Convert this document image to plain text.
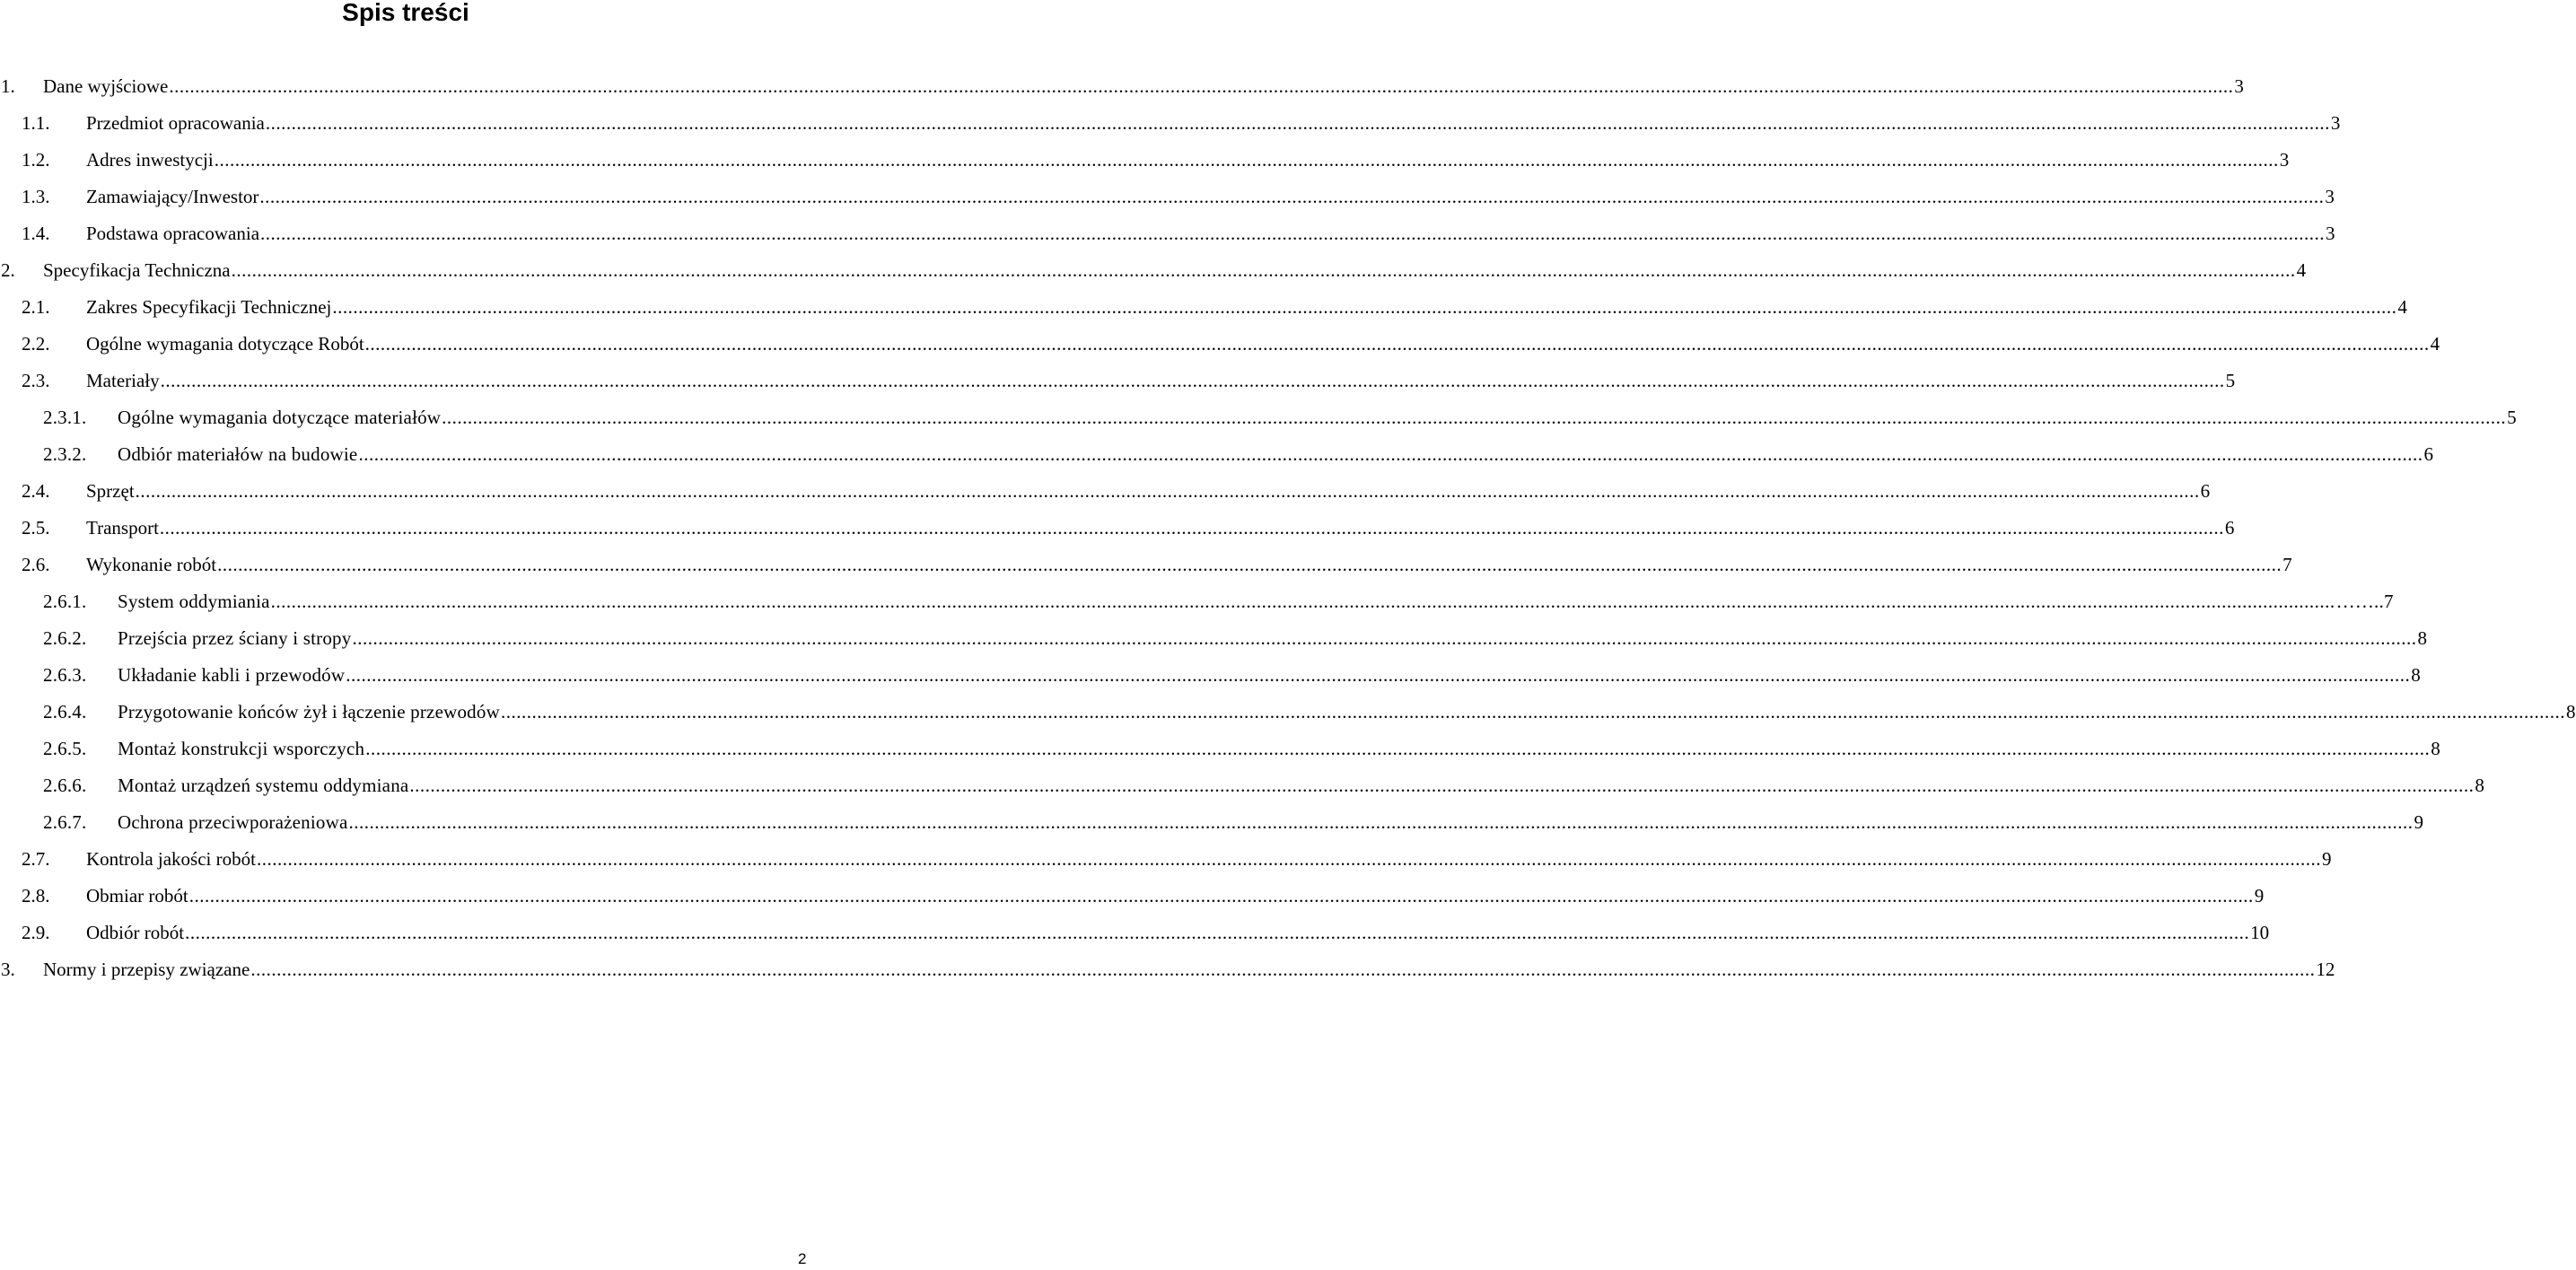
Spis treści
1. Dane wyjściowe ................................................................................................................................................................................................................................................................................................................................................................................................................ 3
1.1. Przedmiot opracowania ................................................................................................................................................................................................................................................................................................................................................................................................................ 3
1.2. Adres inwestycji ................................................................................................................................................................................................................................................................................................................................................................................................................ 3
1.3. Zamawiający/Inwestor ................................................................................................................................................................................................................................................................................................................................................................................................................ 3
1.4. Podstawa opracowania ................................................................................................................................................................................................................................................................................................................................................................................................................ 3
2. Specyfikacja Techniczna ................................................................................................................................................................................................................................................................................................................................................................................................................ 4
2.1. Zakres Specyfikacji Technicznej ................................................................................................................................................................................................................................................................................................................................................................................................................ 4
2.2. Ogólne wymagania dotyczące Robót ................................................................................................................................................................................................................................................................................................................................................................................................................ 4
2.3. Materiały ................................................................................................................................................................................................................................................................................................................................................................................................................ 5
2.3.1. Ogólne wymagania dotyczące materiałów ................................................................................................................................................................................................................................................................................................................................................................................................................ 5
2.3.2. Odbiór materiałów na budowie ................................................................................................................................................................................................................................................................................................................................................................................................................ 6
2.4. Sprzęt ................................................................................................................................................................................................................................................................................................................................................................................................................ 6
2.5. Transport ................................................................................................................................................................................................................................................................................................................................................................................................................ 6
2.6. Wykonanie robót ................................................................................................................................................................................................................................................................................................................................................................................................................ 7
2.6.1. System oddymiania ................................................................................................................................................................................................................................................................................................................................................................................................................ ……..7
2.6.2. Przejścia przez ściany i stropy ................................................................................................................................................................................................................................................................................................................................................................................................................ 8
2.6.3. Układanie kabli i przewodów ................................................................................................................................................................................................................................................................................................................................................................................................................ 8
2.6.4. Przygotowanie końców żył i łączenie przewodów ................................................................................................................................................................................................................................................................................................................................................................................................................ 8
2.6.5. Montaż konstrukcji wsporczych ................................................................................................................................................................................................................................................................................................................................................................................................................ 8
2.6.6. Montaż urządzeń systemu oddymiana ................................................................................................................................................................................................................................................................................................................................................................................................................ 8
2.6.7. Ochrona przeciwporażeniowa ................................................................................................................................................................................................................................................................................................................................................................................................................ 9
2.7. Kontrola jakości robót ................................................................................................................................................................................................................................................................................................................................................................................................................ 9
2.8. Obmiar robót ................................................................................................................................................................................................................................................................................................................................................................................................................ 9
2.9. Odbiór robót ................................................................................................................................................................................................................................................................................................................................................................................................................ 10
3. Normy i przepisy związane ................................................................................................................................................................................................................................................................................................................................................................................................................ 12
2
